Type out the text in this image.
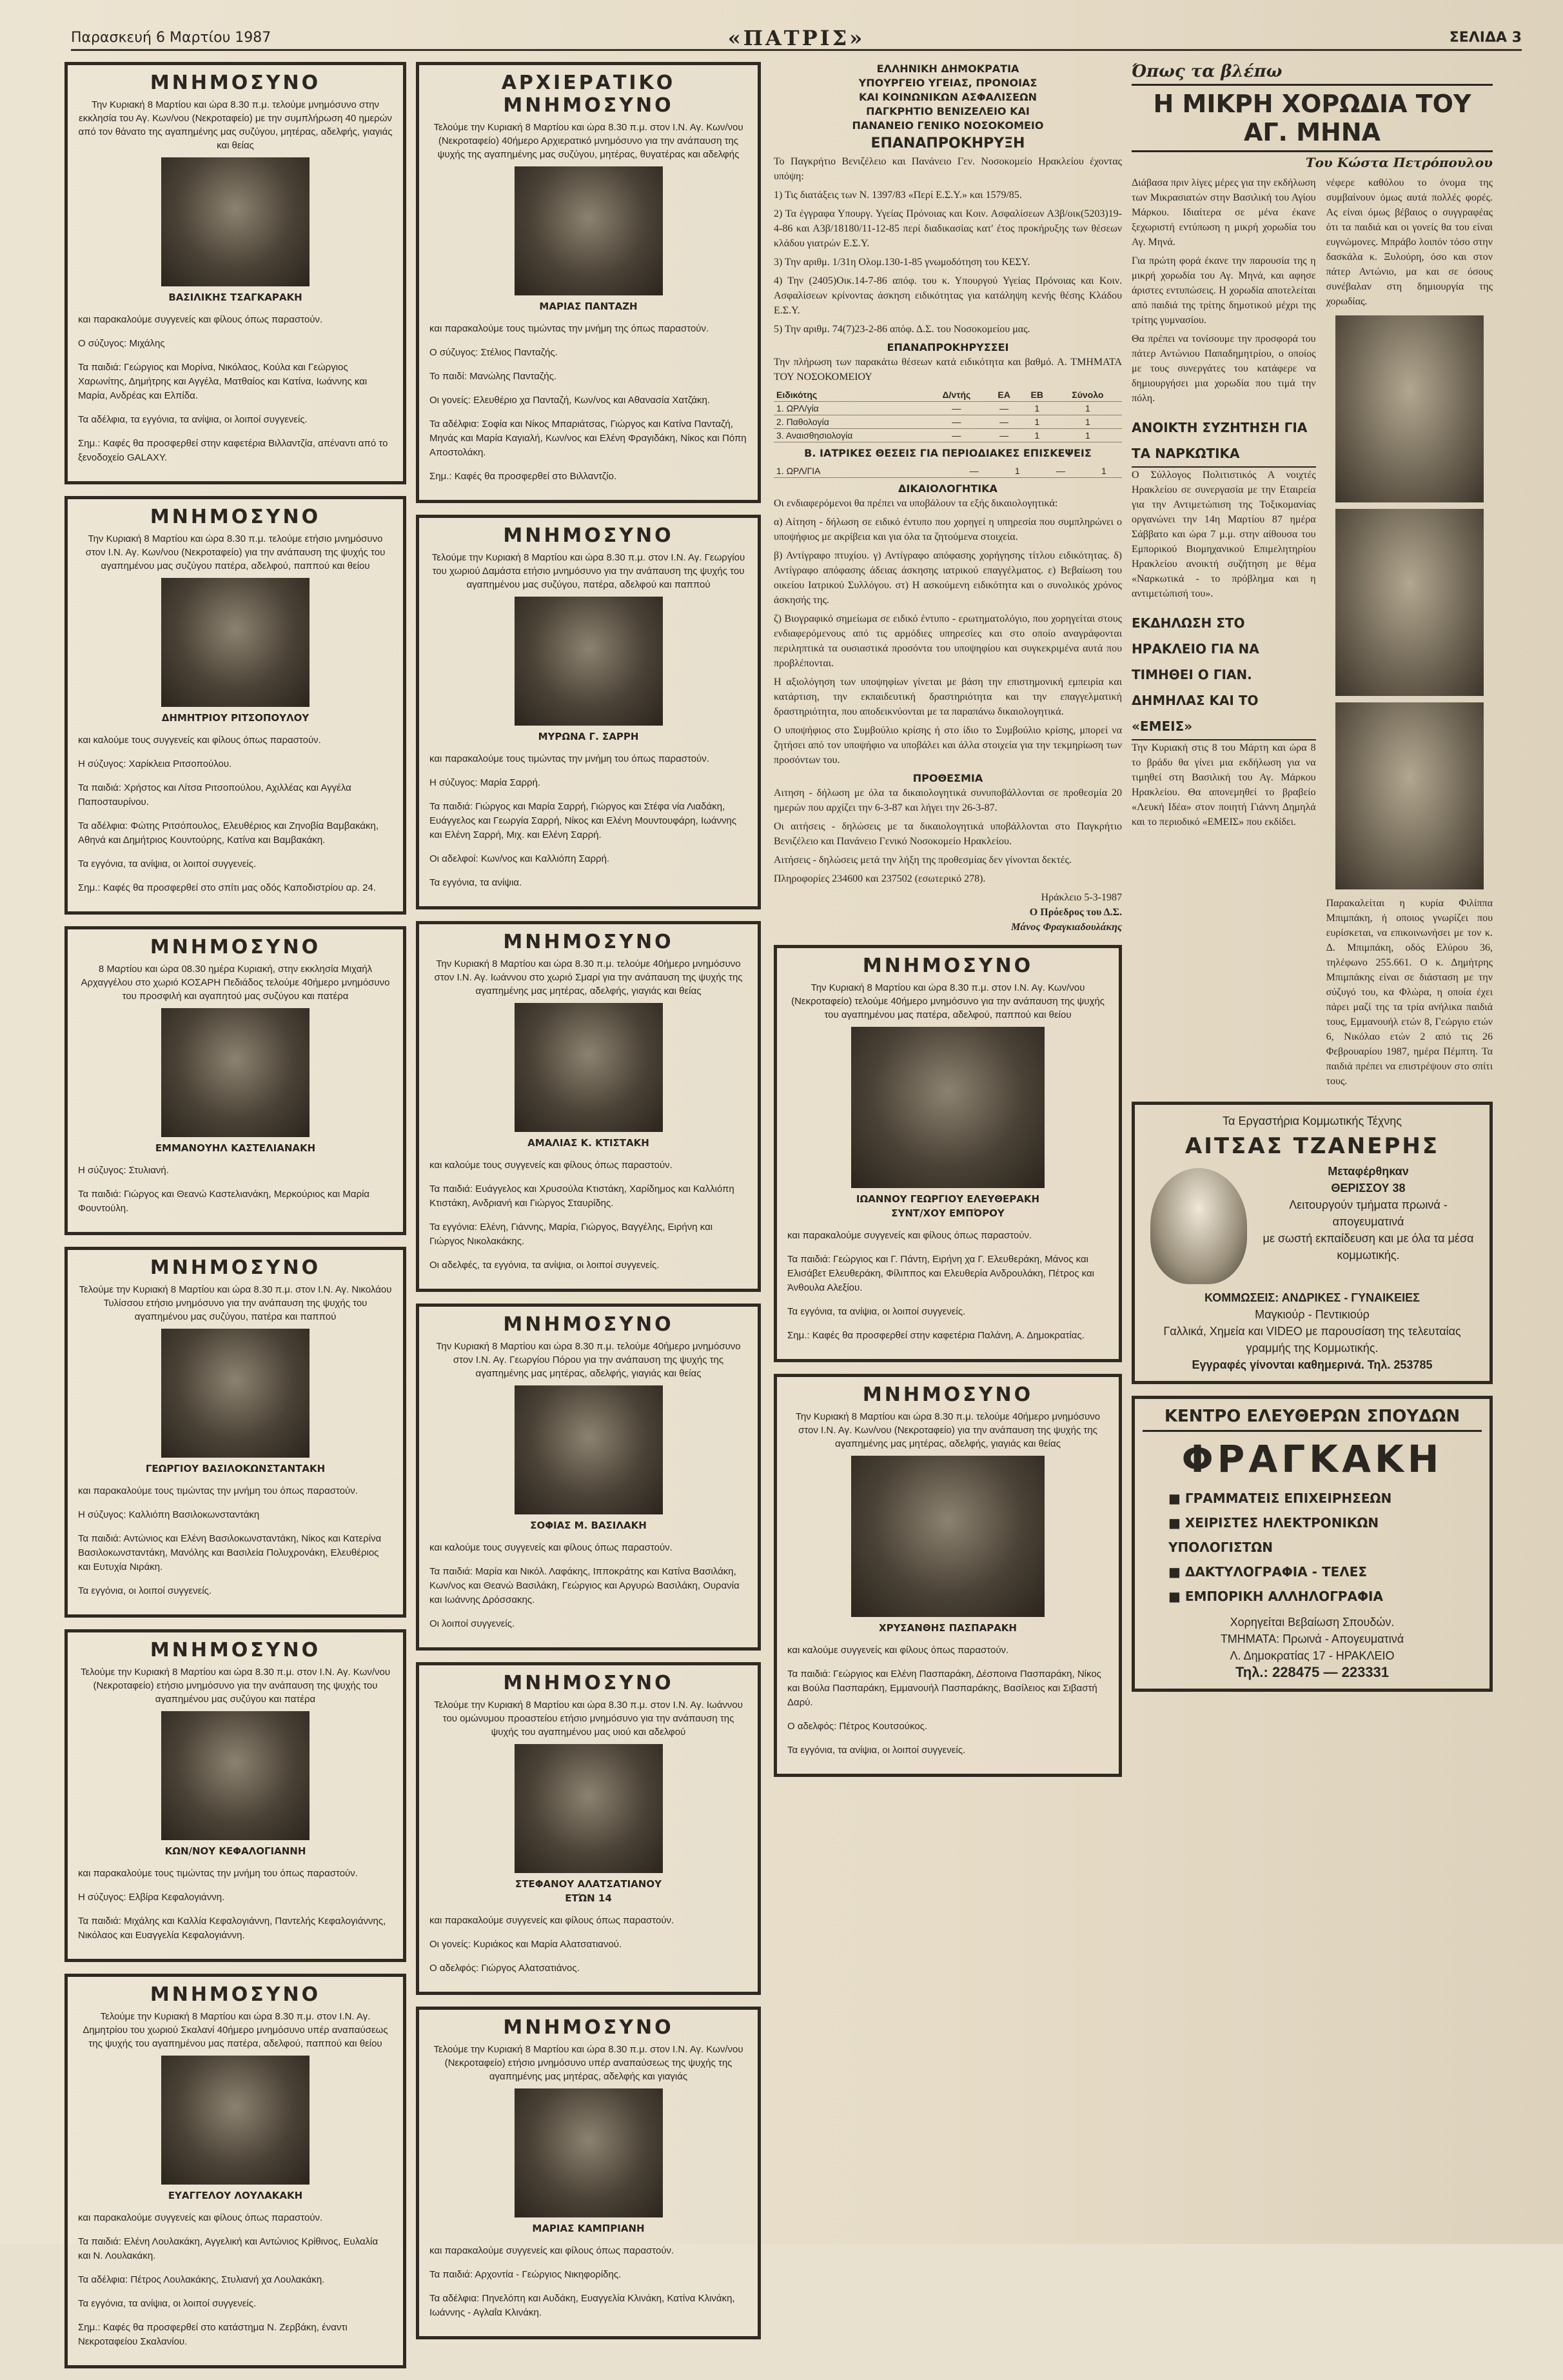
Παρασκευή 6 Μαρτίου 1987	«ΠΑΤΡΙΣ»	ΣΕΛΙΔΑ 3
ΜΝΗΜΟΣΥΝΟ
Την Κυριακή 8 Μαρτίου και ώρα 8.30 π.μ. τελούμε μνημόσυνο στην εκκλησία του Αγ. Κων/νου (Νεκροταφείο) με την συμπλήρωση 40 ημερών από τον θάνατο της αγαπημένης μας συζύγου, μητέρας, αδελφής, γιαγιάς και θείας
ΒΑΣΙΛΙΚΗΣ ΤΣΑΓΚΑΡΑΚΗ

και παρακαλούμε συγγενείς και φίλους όπως παραστούν.

Ο σύζυγος: Μιχάλης

Τα παιδιά: Γεώργιος και Μορίνα, Νικόλαος, Κούλα και Γεώργιος Χαρωνίτης, Δημήτρης και Αγγέλα, Ματθαίος και Κατίνα, Ιωάννης και Μαρία, Ανδρέας και Ελπίδα.

Τα αδέλφια, τα εγγόνια, τα ανίψια, οι λοιποί συγγενείς.

Σημ.: Καφές θα προσφερθεί στην καφετέρια Βιλλαντζία, απέναντι από το ξενοδοχείο GALAXY.

ΜΝΗΜΟΣΥΝΟ
Την Κυριακή 8 Μαρτίου και ώρα 8.30 π.μ. τελούμε ετήσιο μνημόσυνο στον Ι.Ν. Αγ. Κων/νου (Νεκροταφείο) για την ανάπαυση της ψυχής του αγαπημένου μας συζύγου πατέρα, αδελφού, παππού και θείου
ΔΗΜΗΤΡΙΟΥ ΡΙΤΣΟΠΟΥΛΟΥ

και καλούμε τους συγγενείς και φίλους όπως παραστούν.

Η σύζυγος: Χαρίκλεια Ριτσοπούλου.

Τα παιδιά: Χρήστος και Λίτσα Ριτσοπούλου, Αχιλλέας και Αγγέλα Παποσταυρίνου.

Τα αδέλφια: Φώτης Ριτσόπουλος, Ελευθέριος και Ζηνοβία Βαμβακάκη, Αθηνά και Δημήτριος Κουντούρης, Κατίνα και Βαμβακάκη.

Τα εγγόνια, τα ανίψια, οι λοιποί συγγενείς.

Σημ.: Καφές θα προσφερθεί στο σπίτι μας οδός Καποδιστρίου αρ. 24.

ΜΝΗΜΟΣΥΝΟ
8 Μαρτίου και ώρα 08.30 ημέρα Κυριακή, στην εκκλησία Μιχαήλ Αρχαγγέλου στο χωριό ΚΟΣΑΡΗ Πεδιάδος τελούμε 40ήμερο μνημόσυνο του προσφιλή και αγαπητού μας συζύγου και πατέρα
ΕΜΜΑΝΟΥΗΛ ΚΑΣΤΕΛΙΑΝΑΚΗ

Η σύζυγος: Στυλιανή.

Τα παιδιά: Γιώργος και Θεανώ Καστελιανάκη, Μερκούριος και Μαρία Φουντούλη.

ΜΝΗΜΟΣΥΝΟ
Τελούμε την Κυριακή 8 Μαρτίου και ώρα 8.30 π.μ. στον Ι.Ν. Αγ. Νικολάου Τυλίσσου ετήσιο μνημόσυνο για την ανάπαυση της ψυχής του αγαπημένου μας συζύγου, πατέρα και παππού
ΓΕΩΡΓΙΟΥ ΒΑΣΙΛΟΚΩΝΣΤΑΝΤΑΚΗ

και παρακαλούμε τους τιμώντας την μνήμη του όπως παραστούν.

Η σύζυγος: Καλλιόπη Βασιλοκωνσταντάκη

Τα παιδιά: Αντώνιος και Ελένη Βασιλοκωνσταντάκη, Νίκος και Κατερίνα Βασιλοκωνσταντάκη, Μανόλης και Βασιλεία Πολυχρονάκη, Ελευθέριος και Ευτυχία Νιράκη.

Τα εγγόνια, οι λοιποί συγγενείς.

ΜΝΗΜΟΣΥΝΟ
Τελούμε την Κυριακή 8 Μαρτίου και ώρα 8.30 π.μ. στον Ι.Ν. Αγ. Κων/νου (Νεκροταφείο) ετήσιο μνημόσυνο για την ανάπαυση της ψυχής του αγαπημένου μας συζύγου και πατέρα
ΚΩΝ/ΝΟΥ ΚΕΦΑΛΟΓΙΑΝΝΗ

και παρακαλούμε τους τιμώντας την μνήμη του όπως παραστούν.

Η σύζυγος: Ελβίρα Κεφαλογιάννη.

Τα παιδιά: Μιχάλης και Καλλία Κεφαλογιάννη, Παντελής Κεφαλογιάννης, Νικόλαος και Ευαγγελία Κεφαλογιάννη.

ΜΝΗΜΟΣΥΝΟ
Τελούμε την Κυριακή 8 Μαρτίου και ώρα 8.30 π.μ. στον Ι.Ν. Αγ. Δημητρίου του χωριού Σκαλανί 40ήμερο μνημόσυνο υπέρ αναπαύσεως της ψυχής του αγαπημένου μας πατέρα, αδελφού, παππού και θείου
ΕΥΑΓΓΕΛΟΥ ΛΟΥΛΑΚΑΚΗ

και παρακαλούμε συγγενείς και φίλους όπως παραστούν.

Τα παιδιά: Ελένη Λουλακάκη, Αγγελική και Αντώνιος Κρίθινος, Ευλαλία και Ν. Λουλακάκη.

Τα αδέλφια: Πέτρος Λουλακάκης, Στυλιανή χα Λουλακάκη.

Τα εγγόνια, τα ανίψια, οι λοιποί συγγενείς.

Σημ.: Καφές θα προσφερθεί στο κατάστημα Ν. Ζερβάκη, έναντι Νεκροταφείου Σκαλανίου.

ΑΡΧΙΕΡΑΤΙΚΟ ΜΝΗΜΟΣΥΝΟ
Τελούμε την Κυριακή 8 Μαρτίου και ώρα 8.30 π.μ. στον Ι.Ν. Αγ. Κων/νου (Νεκροταφείο) 40ήμερο Αρχιερατικό μνημόσυνο για την ανάπαυση της ψυχής της αγαπημένης μας συζύγου, μητέρας, θυγατέρας και αδελφής
ΜΑΡΙΑΣ ΠΑΝΤΑΖΗ

και παρακαλούμε τους τιμώντας την μνήμη της όπως παραστούν.

Ο σύζυγος: Στέλιος Πανταζής.

Το παιδί: Μανώλης Πανταζής.

Οι γονείς: Ελευθέριο χα Πανταζή, Κων/νος και Αθανασία Χατζάκη.

Τα αδέλφια: Σοφία και Νίκος Μπαριάτσας, Γιώργος και Κατίνα Πανταζή, Μηνάς και Μαρία Καγιαλή, Κων/νος και Ελένη Φραγιδάκη, Νίκος και Πόπη Αποστολάκη.

Σημ.: Καφές θα προσφερθεί στο Βιλλαντζίο.

ΜΝΗΜΟΣΥΝΟ
Τελούμε την Κυριακή 8 Μαρτίου και ώρα 8.30 π.μ. στον Ι.Ν. Αγ. Γεωργίου του χωριού Δαμάστα ετήσιο μνημόσυνο για την ανάπαυση της ψυχής του αγαπημένου μας συζύγου, πατέρα, αδελφού και παππού
ΜΥΡΩΝΑ Γ. ΣΑΡΡΗ

και παρακαλούμε τους τιμώντας την μνήμη του όπως παραστούν.

Η σύζυγος: Μαρία Σαρρή.

Τα παιδιά: Γιώργος και Μαρία Σαρρή, Γιώργος και Στέφα νία Λιαδάκη, Ευάγγελος και Γεωργία Σαρρή, Νίκος και Ελένη Μουντουφάρη, Ιωάννης και Ελένη Σαρρή, Μιχ. και Ελένη Σαρρή.

Οι αδελφοί: Κων/νος και Καλλιόπη Σαρρή.

Τα εγγόνια, τα ανίψια.

ΜΝΗΜΟΣΥΝΟ
Την Κυριακή 8 Μαρτίου και ώρα 8.30 π.μ. τελούμε 40ήμερο μνημόσυνο στον Ι.Ν. Αγ. Ιωάννου στο χωριό Σμαρί για την ανάπαυση της ψυχής της αγαπημένης μας μητέρας, αδελφής, γιαγιάς και θείας
ΑΜΑΛΙΑΣ Κ. ΚΤΙΣΤΑΚΗ

και καλούμε τους συγγενείς και φίλους όπως παραστούν.

Τα παιδιά: Ευάγγελος και Χρυσούλα Κτιστάκη, Χαρίδημος και Καλλιόπη Κτιστάκη, Ανδριανή και Γιώργος Σταυρίδης.

Τα εγγόνια: Ελένη, Γιάννης, Μαρία, Γιώργος, Βαγγέλης, Ειρήνη και Γιώργος Νικολακάκης.

Οι αδελφές, τα εγγόνια, τα ανίψια, οι λοιποί συγγενείς.

ΜΝΗΜΟΣΥΝΟ
Την Κυριακή 8 Μαρτίου και ώρα 8.30 π.μ. τελούμε 40ήμερο μνημόσυνο στον Ι.Ν. Αγ. Γεωργίου Πόρου για την ανάπαυση της ψυχής της αγαπημένης μας μητέρας, αδελφής, γιαγιάς και θείας
ΣΟΦΙΑΣ Μ. ΒΑΣΙΛΑΚΗ

και καλούμε τους συγγενείς και φίλους όπως παραστούν.

Τα παιδιά: Μαρία και Νικόλ. Λαφάκης, Ιπποκράτης και Κατίνα Βασιλάκη, Κων/νος και Θεανώ Βασιλάκη, Γεώργιος και Αργυρώ Βασιλάκη, Ουρανία και Ιωάννης Δρόσσακης.

Οι λοιποί συγγενείς.

ΜΝΗΜΟΣΥΝΟ
Τελούμε την Κυριακή 8 Μαρτίου και ώρα 8.30 π.μ. στον Ι.Ν. Αγ. Ιωάννου του ομώνυμου προαστείου ετήσιο μνημόσυνο για την ανάπαυση της ψυχής του αγαπημένου μας υιού και αδελφού
ΣΤΕΦΑΝΟΥ ΑΛΑΤΣΑΤΙΑΝΟΥ
ΕΤΏΝ 14

και παρακαλούμε συγγενείς και φίλους όπως παραστούν.

Οι γονείς: Κυριάκος και Μαρία Αλατσατιανού.

Ο αδελφός: Γιώργος Αλατσατιάνος.

ΜΝΗΜΟΣΥΝΟ
Τελούμε την Κυριακή 8 Μαρτίου και ώρα 8.30 π.μ. στον Ι.Ν. Αγ. Κων/νου (Νεκροταφείο) ετήσιο μνημόσυνο υπέρ αναπαύσεως της ψυχής της αγαπημένης μας μητέρας, αδελφής και γιαγιάς
ΜΑΡΙΑΣ ΚΑΜΠΡΙΑΝΗ

και παρακαλούμε συγγενείς και φίλους όπως παραστούν.

Τα παιδιά: Αρχοντία - Γεώργιος Νικηφορίδης.

Τα αδέλφια: Πηνελόπη και Αυδάκη, Ευαγγελία Κλινάκη, Κατίνα Κλινάκη, Ιωάννης - Αγλαΐα Κλινάκη.

ΕΛΛΗΝΙΚΗ ΔΗΜΟΚΡΑΤΙΑ
ΥΠΟΥΡΓΕΙΟ ΥΓΕΙΑΣ, ΠΡΟΝΟΙΑΣ
ΚΑΙ ΚΟΙΝΩΝΙΚΩΝ ΑΣΦΑΛΙΣΕΩΝ
ΠΑΓΚΡΗΤΙΟ ΒΕΝΙΖΕΛΕΙΟ ΚΑΙ
ΠΑΝΑΝΕΙΟ ΓΕΝΙΚΟ ΝΟΣΟΚΟΜΕΙΟ
ΕΠΑΝΑΠΡΟΚΗΡΥΞΗ

Το Παγκρήτιο Βενιζέλειο και Πανάνειο Γεν. Νοσοκομείο Ηρακλείου έχοντας υπόψη:

1) Τις διατάξεις των Ν. 1397/83 «Περί Ε.Σ.Υ.» και 1579/85.

2) Τα έγγραφα Υπουργ. Υγείας Πρόνοιας και Κοιν. Ασφαλίσεων Α3β/οικ(5203)19-4-86 και Α3β/18180/11-12-85 περί διαδικασίας κατ' έτος προκήρυξης των θέσεων κλάδου γιατρών Ε.Σ.Υ.

3) Την αριθμ. 1/31η Ολομ.130-1-85 γνωμοδότηση του ΚΕΣΥ.

4) Την (2405)Οικ.14-7-86 απόφ. του κ. Υπουργού Υγείας Πρόνοιας και Κοιν. Ασφαλίσεων κρίνοντας άσκηση ειδικότητας για κατάληψη κενής θέσης Κλάδου Ε.Σ.Υ.

5) Την αριθμ. 74(7)23-2-86 απόφ. Δ.Σ. του Νοσοκομείου μας.

ΕΠΑΝΑΠΡΟΚΗΡΥΣΣΕΙ

Την πλήρωση των παρακάτω θέσεων κατά ειδικότητα και βαθμό. Α. ΤΜΗΜΑΤΑ ΤΟΥ ΝΟΣΟΚΟΜΕΙΟΥ

Ειδικότης	Δ/ντής	ΕΑ	ΕΒ	Σύνολο
1. ΩΡΛ/γία	—	—	1	1
2. Παθολογία	—	—	1	1
3. Αναισθησιολογία	—	—	1	1
Β. ΙΑΤΡΙΚΕΣ ΘΕΣΕΙΣ ΓΙΑ ΠΕΡΙΟΔΙΑΚΕΣ ΕΠΙΣΚΕΨΕΙΣ
1. ΩΡΛ/ΓΙΑ	—	1	—	1
ΔΙΚΑΙΟΛΟΓΗΤΙΚΑ

Οι ενδιαφερόμενοι θα πρέπει να υποβάλουν τα εξής δικαιολογητικά:

α) Αίτηση - δήλωση σε ειδικό έντυπο που χορηγεί η υπηρεσία που συμπληρώνει ο υποψήφιος με ακρίβεια και για όλα τα ζητούμενα στοιχεία.

β) Αντίγραφο πτυχίου. γ) Αντίγραφο απόφασης χορήγησης τίτλου ειδικότητας. δ) Αντίγραφο απόφασης άδειας άσκησης ιατρικού επαγγέλματος. ε) Βεβαίωση του οικείου Ιατρικού Συλλόγου. στ) Η ασκούμενη ειδικότητα και ο συνολικός χρόνος άσκησής της.

ζ) Βιογραφικό σημείωμα σε ειδικό έντυπο - ερωτηματολόγιο, που χορηγείται στους ενδιαφερόμενους από τις αρμόδιες υπηρεσίες και στο οποίο αναγράφονται περιληπτικά τα ουσιαστικά προσόντα του υποψηφίου και συγκεκριμένα αυτά που προβλέπονται.

Η αξιολόγηση των υποψηφίων γίνεται με βάση την επιστημονική εμπειρία και κατάρτιση, την εκπαιδευτική δραστηριότητα και την επαγγελματική δραστηριότητα, που αποδεικνύονται με τα παραπάνω δικαιολογητικά.

Ο υποψήφιος στο Συμβούλιο κρίσης ή στο ίδιο το Συμβούλιο κρίσης, μπορεί να ζητήσει από τον υποψήφιο να υποβάλει και άλλα στοιχεία για την τεκμηρίωση των προσόντων του.

ΠΡΟΘΕΣΜΙΑ

Αιτηση - δήλωση με όλα τα δικαιολογητικά συνυποβάλλονται σε προθεσμία 20 ημερών που αρχίζει την 6-3-87 και λήγει την 26-3-87.

Οι αιτήσεις - δηλώσεις με τα δικαιολογητικά υποβάλλονται στο Παγκρήτιο Βενιζέλειο και Πανάνειο Γενικό Νοσοκομείο Ηρακλείου.

Αιτήσεις - δηλώσεις μετά την λήξη της προθεσμίας δεν γίνονται δεκτές.

Πληροφορίες 234600 και 237502 (εσωτερικό 278).

Ηράκλειο 5-3-1987
Ο Πρόεδρος του Δ.Σ.
Μάνος Φραγκιαδουλάκης
ΜΝΗΜΟΣΥΝΟ
Την Κυριακή 8 Μαρτίου και ώρα 8.30 π.μ. στον Ι.Ν. Αγ. Κων/νου (Νεκροταφείο) τελούμε 40ήμερο μνημόσυνο για την ανάπαυση της ψυχής του αγαπημένου μας πατέρα, αδελφού, παππού και θείου
ΙΩΑΝΝΟΥ ΓΕΩΡΓΙΟΥ ΕΛΕΥΘΕΡΑΚΗ
ΣΥΝΤ/ΧΟΥ ΕΜΠΌΡΟΥ

και παρακαλούμε συγγενείς και φίλους όπως παραστούν.

Τα παιδιά: Γεώργιος και Γ. Πάντη, Ειρήνη χα Γ. Ελευθεράκη, Μάνος και Ελισάβετ Ελευθεράκη, Φίλιππος και Ελευθερία Ανδρουλάκη, Πέτρος και Άνθουλα Αλεξίου.

Τα εγγόνια, τα ανίψια, οι λοιποί συγγενείς.

Σημ.: Καφές θα προσφερθεί στην καφετέρια Παλάνη, Α. Δημοκρατίας.

ΜΝΗΜΟΣΥΝΟ
Την Κυριακή 8 Μαρτίου και ώρα 8.30 π.μ. τελούμε 40ήμερο μνημόσυνο στον Ι.Ν. Αγ. Κων/νου (Νεκροταφείο) για την ανάπαυση της ψυχής της αγαπημένης μας μητέρας, αδελφής, γιαγιάς και θείας
ΧΡΥΣΑΝΘΗΣ ΠΑΣΠΑΡΑΚΗ

και καλούμε συγγενείς και φίλους όπως παραστούν.

Τα παιδιά: Γεώργιος και Ελένη Πασπαράκη, Δέσποινα Πασπαράκη, Νίκος και Βούλα Πασπαράκη, Εμμανουήλ Πασπαράκης, Βασίλειος και Σιβαστή Δαρύ.

Ο αδελφός: Πέτρος Κουτσούκος.

Τα εγγόνια, τα ανίψια, οι λοιποί συγγενείς.

Όπως τα βλέπω
Η ΜΙΚΡΗ ΧΟΡΩΔΙΑ ΤΟΥ ΑΓ. ΜΗΝΑ
Του Κώστα Πετρόπουλου

Διάβασα πριν λίγες μέρες για την εκδήλωση των Μικρασιατών στην Βασιλική του Αγίου Μάρκου. Ιδιαίτερα σε μένα έκανε ξεχωριστή εντύπωση η μικρή χορωδία του Αγ. Μηνά.

Για πρώτη φορά έκανε την παρουσία της η μικρή χορωδία του Αγ. Μηνά, και αφησε άριστες εντυπώσεις. Η χορωδία αποτελείται από παιδιά της τρίτης δημοτικού μέχρι της τρίτης γυμνασίου.

Θα πρέπει να τονίσουμε την προσφορά του πάτερ Αντώνιου Παπαδημητρίου, ο οποίος με τους συνεργάτες του κατάφερε να δημιουργήσει μια χορωδία που τιμά την πόλη.

ΑΝΟΙΚΤΗ ΣΥΖΗΤΗΣΗ ΓΙΑ ΤΑ ΝΑΡΚΩΤΙΚΑ

Ο Σύλλογος Πολιτιστικός Α νοιχτές Ηρακλείου σε συνεργασία με την Εταιρεία για την Αντιμετώπιση της Τοξικομανίας οργανώνει την 14η Μαρτίου 87 ημέρα Σάββατο και ώρα 7 μ.μ. στην αίθουσα του Εμπορικού Βιομηχανικού Επιμελητηρίου Ηρακλείου ανοικτή συζήτηση με θέμα «Ναρκωτικά - το πρόβλημα και η αντιμετώπισή του».

ΕΚΔΗΛΩΣΗ ΣΤΟ ΗΡΑΚΛΕΙΟ ΓΙΑ ΝΑ ΤΙΜΗΘΕΙ Ο ΓΙΑΝ. ΔΗΜΗΛΑΣ ΚΑΙ ΤΟ «ΕΜΕΙΣ»

Την Κυριακή στις 8 του Μάρτη και ώρα 8 το βράδυ θα γίνει μια εκδήλωση για να τιμηθεί στη Βασιλική του Αγ. Μάρκου Ηρακλείου. Θα απονεμηθεί το βραβείο «Λευκή Ιδέα» στον ποιητή Γιάννη Δημηλά και το περιοδικό «ΕΜΕΙΣ» που εκδίδει.

νέφερε καθόλου το όνομα της συμβαίνουν όμως αυτά πολλές φορές. Ας είναι όμως βέβαιος ο συγγραφέας ότι τα παιδιά και οι γονείς θα του είναι ευγνώμονες. Μπράβο λοιπόν τόσο στην δασκάλα κ. Ξυλούρη, όσο και στον πάτερ Αντώνιο, μα και σε όσους συνέβαλαν στη δημιουργία της χορωδίας.

Παρακαλείται η κυρία Φιλίππα Μπιμπάκη, ή οποιος γνωρίζει που ευρίσκεται, να επικοινωνήσει με τον κ. Δ. Μπιμπάκη, οδός Ελύρου 36, τηλέφωνο 255.661. Ο κ. Δημήτρης Μπιμπάκης είναι σε διάσταση με την σύζυγό του, κα Φλώρα, η οποία έχει πάρει μαζί της τα τρία ανήλικα παιδιά τους, Εμμανουήλ ετών 8, Γεώργιο ετών 6, Νικόλαο ετών 2 από τις 26 Φεβρουαρίου 1987, ημέρα Πέμπτη. Τα παιδιά πρέπει να επιστρέψουν στο σπίτι τους.

Τα Εργαστήρια Κομμωτικής Τέχνης
ΑΙΤΣΑΣ ΤΖΑΝΕΡΗΣ
Μεταφέρθηκαν
ΘΕΡΙΣΣΟΥ 38
Λειτουργούν τμήματα πρωινά - απογευματινά
με σωστή εκπαίδευση και με όλα τα μέσα κομμωτικής.
ΚΟΜΜΩΣΕΙΣ: ΑΝΔΡΙΚΕΣ - ΓΥΝΑΙΚΕΙΕΣ
Μαγκιούρ - Πεντικιούρ
Γαλλικά, Χημεία και VIDEO με παρουσίαση της τελευταίας γραμμής της Κομμωτικής.
Εγγραφές γίνονται καθημερινά. Τηλ. 253785
ΚΕΝΤΡΟ ΕΛΕΥΘΕΡΩΝ ΣΠΟΥΔΩΝ
ΦΡΑΓΚΑΚΗ
■ ΓΡΑΜΜΑΤΕΙΣ ΕΠΙΧΕΙΡΗΣΕΩΝ
■ ΧΕΙΡΙΣΤΕΣ ΗΛΕΚΤΡΟΝΙΚΩΝ ΥΠΟΛΟΓΙΣΤΩΝ
■ ΔΑΚΤΥΛΟΓΡΑΦΙΑ - ΤΕΛΕΣ
■ ΕΜΠΟΡΙΚΗ ΑΛΛΗΛΟΓΡΑΦΙΑ
Χορηγείται Βεβαίωση Σπουδών.
ΤΜΗΜΑΤΑ: Πρωινά - Απογευματινά
Λ. Δημοκρατίας 17 - ΗΡΑΚΛΕΙΟ
Τηλ.: 228475 — 223331
